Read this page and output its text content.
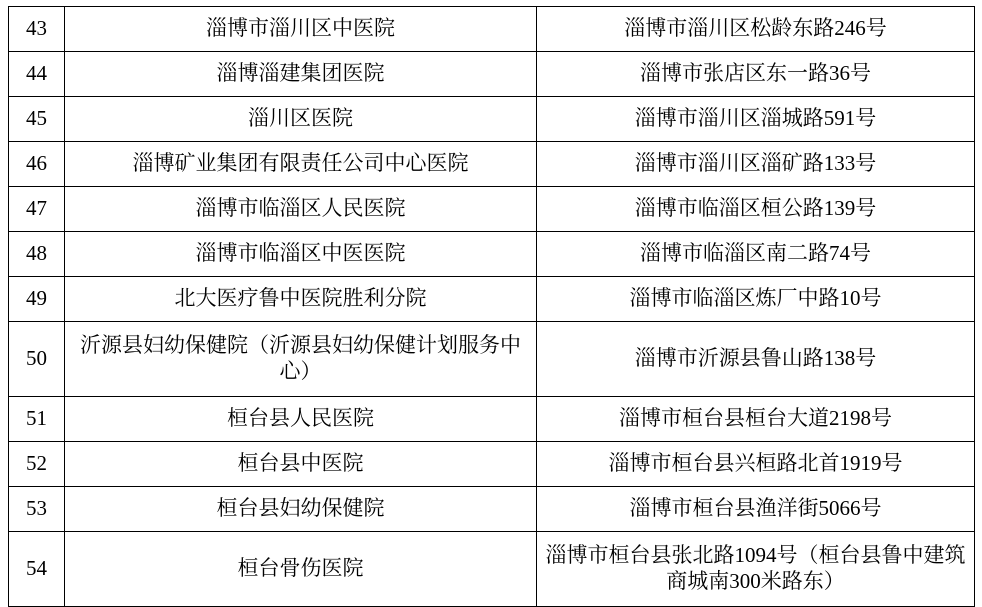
43	淄博市淄川区中医院	淄博市淄川区松龄东路246号
44	淄博淄建集团医院	淄博市张店区东一路36号
45	淄川区医院	淄博市淄川区淄城路591号
46	淄博矿业集团有限责任公司中心医院	淄博市淄川区淄矿路133号
47	淄博市临淄区人民医院	淄博市临淄区桓公路139号
48	淄博市临淄区中医医院	淄博市临淄区南二路74号
49	北大医疗鲁中医院胜利分院	淄博市临淄区炼厂中路10号
50	沂源县妇幼保健院（沂源县妇幼保健计划服务中心）	淄博市沂源县鲁山路138号
51	桓台县人民医院	淄博市桓台县桓台大道2198号
52	桓台县中医院	淄博市桓台县兴桓路北首1919号
53	桓台县妇幼保健院	淄博市桓台县渔洋街5066号
54	桓台骨伤医院	淄博市桓台县张北路1094号（桓台县鲁中建筑商城南300米路东）
